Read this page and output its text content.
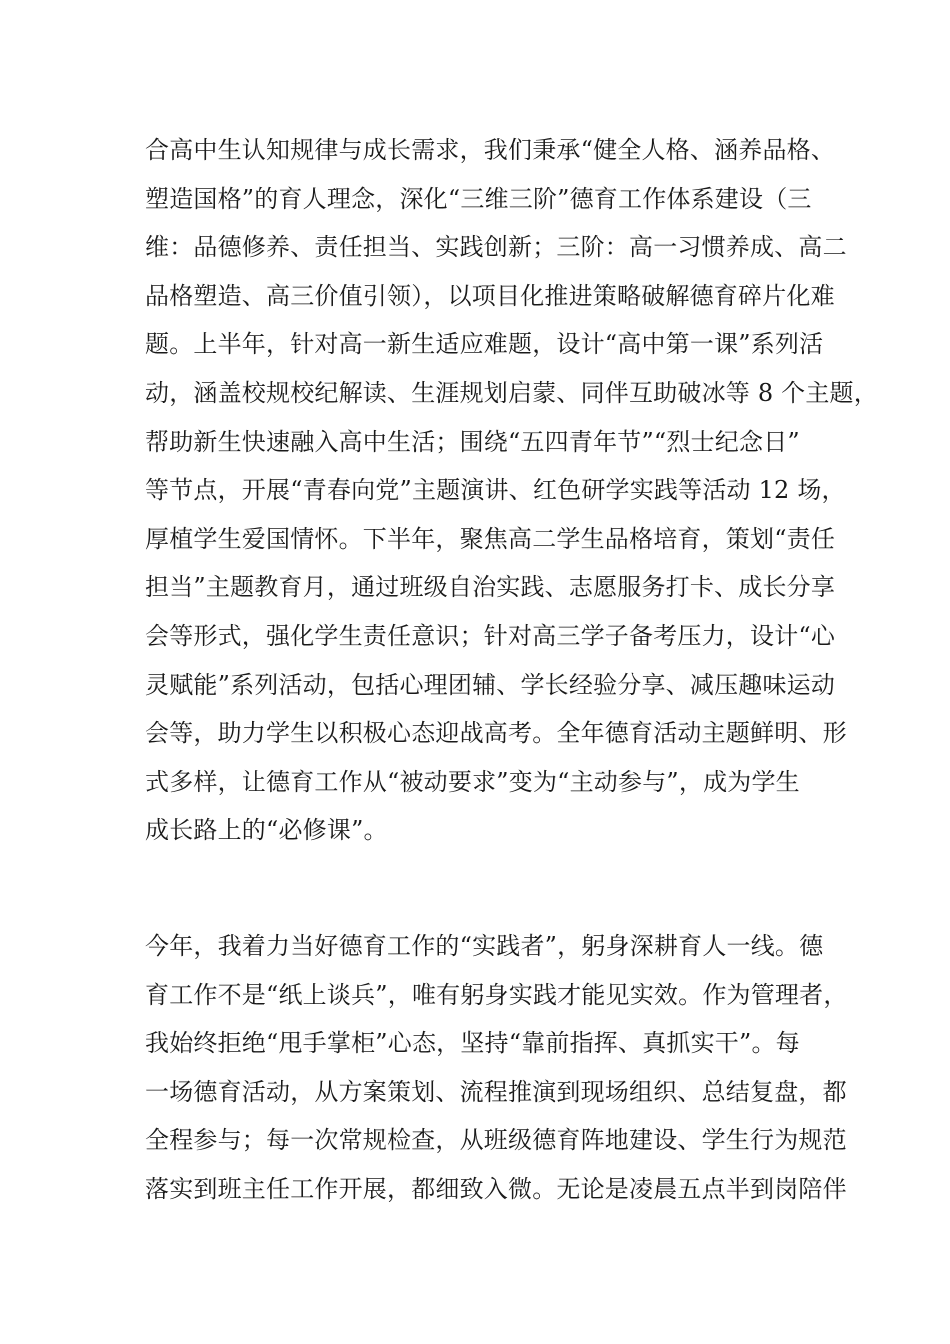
合高中生认知规律与成长需求，我们秉承“健全人格、涵养品格、
塑造国格”的育人理念，深化“三维三阶”德育工作体系建设（三
维：品德修养、责任担当、实践创新；三阶：高一习惯养成、高二
品格塑造、高三价值引领），以项目化推进策略破解德育碎片化难
题。上半年，针对高一新生适应难题，设计“高中第一课”系列活
动，涵盖校规校纪解读、生涯规划启蒙、同伴互助破冰等 8 个主题，
帮助新生快速融入高中生活；围绕“五四青年节”“烈士纪念日”
等节点，开展“青春向党”主题演讲、红色研学实践等活动 12 场，
厚植学生爱国情怀。下半年，聚焦高二学生品格培育，策划“责任
担当”主题教育月，通过班级自治实践、志愿服务打卡、成长分享
会等形式，强化学生责任意识；针对高三学子备考压力，设计“心
灵赋能”系列活动，包括心理团辅、学长经验分享、减压趣味运动
会等，助力学生以积极心态迎战高考。全年德育活动主题鲜明、形
式多样，让德育工作从“被动要求”变为“主动参与”，成为学生
成长路上的“必修课”。
今年，我着力当好德育工作的“实践者”，躬身深耕育人一线。德
育工作不是“纸上谈兵”，唯有躬身实践才能见实效。作为管理者，
我始终拒绝“甩手掌柜”心态，坚持“靠前指挥、真抓实干”。每
一场德育活动，从方案策划、流程推演到现场组织、总结复盘，都
全程参与；每一次常规检查，从班级德育阵地建设、学生行为规范
落实到班主任工作开展，都细致入微。无论是凌晨五点半到岗陪伴
